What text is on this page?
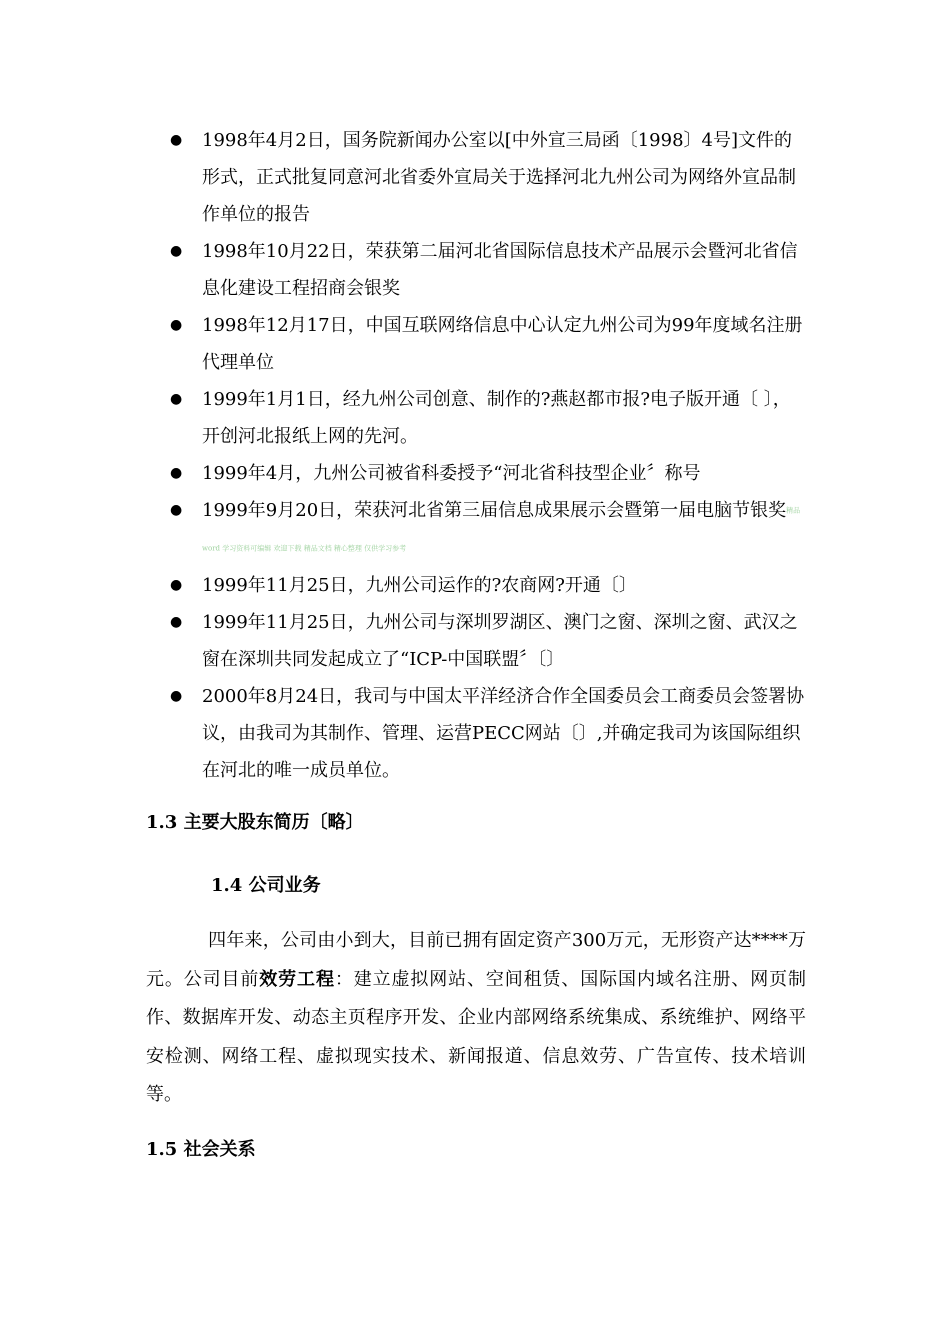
● 1998年4月2日，国务院新闻办公室以[中外宣三局函〔1998〕4号]文件的形式，正式批复同意河北省委外宣局关于选择河北九州公司为网络外宣品制作单位的报告
● 1998年10月22日，荣获第二届河北省国际信息技术产品展示会暨河北省信息化建设工程招商会银奖
● 1998年12月17日，中国互联网络信息中心认定九州公司为99年度域名注册代理单位
● 1999年1月1日，经九州公司创意、制作的?燕赵都市报?电子版开通〔 〕，开创河北报纸上网的先河。
● 1999年4月，九州公司被省科委授予“河北省科技型企业〞称号
● 1999年9月20日，荣获河北省第三届信息成果展示会暨第一届电脑节银奖精品word 学习资料可编辑 欢迎下载 精品文档 精心整理 仅供学习参考
● 1999年11月25日，九州公司运作的?农商网?开通〔〕
● 1999年11月25日，九州公司与深圳罗湖区、澳门之窗、深圳之窗、武汉之窗在深圳共同发起成立了“ICP-中国联盟〞〔〕
● 2000年8月24日，我司与中国太平洋经济合作全国委员会工商委员会签署协议，由我司为其制作、管理、运营PECC网站〔〕,并确定我司为该国际组织在河北的唯一成员单位。
1.3 主要大股东简历〔略〕
1.4 公司业务
四年来，公司由小到大，目前已拥有固定资产300万元，无形资产达****万元。公司目前效劳工程：建立虚拟网站、空间租赁、国际国内域名注册、网页制作、数据库开发、动态主页程序开发、企业内部网络系统集成、系统维护、网络平安检测、网络工程、虚拟现实技术、新闻报道、信息效劳、广告宣传、技术培训等。
1.5 社会关系
